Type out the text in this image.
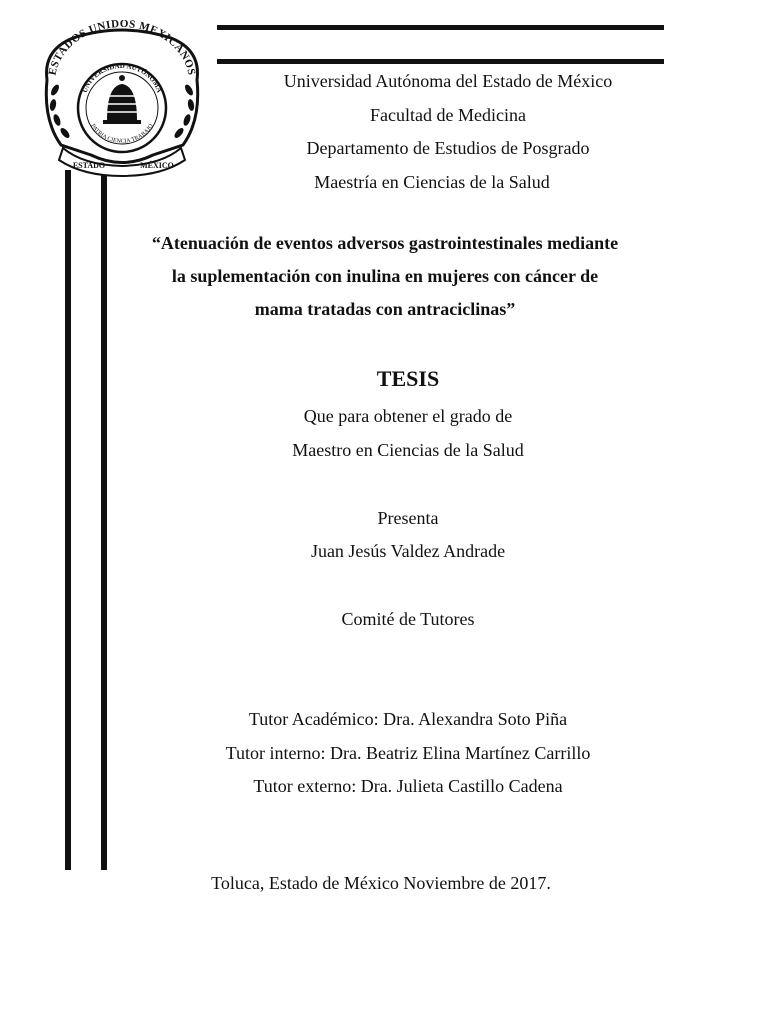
ESTADOS UNIDOS MEXICANOS
UNIVERSIDAD AUTÓNOMA
PATRIA CIENCIA TRABAJO
ESTADO	MÉXICO
Universidad Autónoma del Estado de México
Facultad de Medicina
Departamento de Estudios de Posgrado
Maestría en Ciencias de la Salud
“Atenuación de eventos adversos gastrointestinales mediante
la suplementación con inulina en mujeres con cáncer de
mama tratadas con antraciclinas”
TESIS
Que para obtener el grado de
Maestro en Ciencias de la Salud
Presenta
Juan Jesús Valdez Andrade
Comité de Tutores
Tutor Académico: Dra. Alexandra Soto Piña
Tutor interno: Dra. Beatriz Elina Martínez Carrillo
Tutor externo: Dra. Julieta Castillo Cadena
Toluca, Estado de México Noviembre de 2017.
